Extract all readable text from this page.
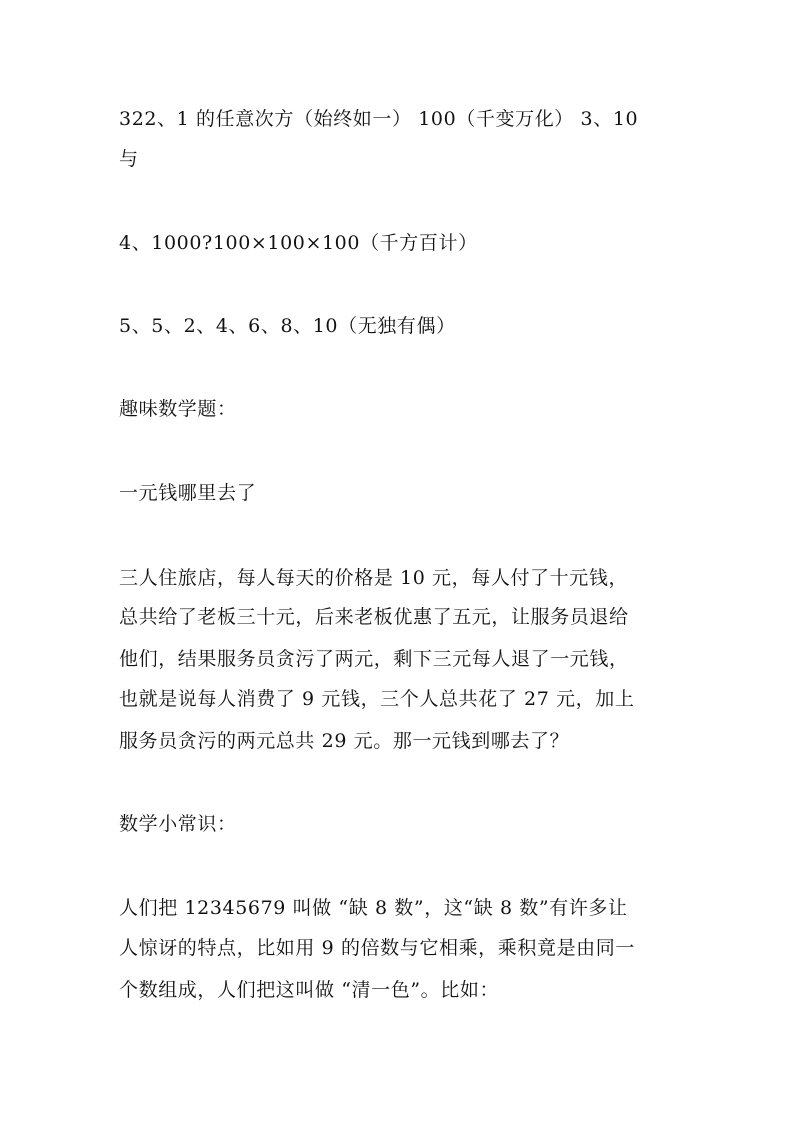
322、1 的任意次方（始终如一） 100（千变万化） 3、10
与
4、1000?100×100×100（千方百计）
5、5、2、4、6、8、10（无独有偶）
趣味数学题：
一元钱哪里去了
三人住旅店，每人每天的价格是 10 元，每人付了十元钱，
总共给了老板三十元，后来老板优惠了五元，让服务员退给
他们，结果服务员贪污了两元，剩下三元每人退了一元钱，
也就是说每人消费了 9 元钱，三个人总共花了 27 元，加上
服务员贪污的两元总共 29 元。那一元钱到哪去了？
数学小常识：
人们把 12345679 叫做 “缺 8 数”，这“缺 8 数”有许多让
人惊讶的特点，比如用 9 的倍数与它相乘，乘积竟是由同一
个数组成，人们把这叫做 “清一色”。比如：
